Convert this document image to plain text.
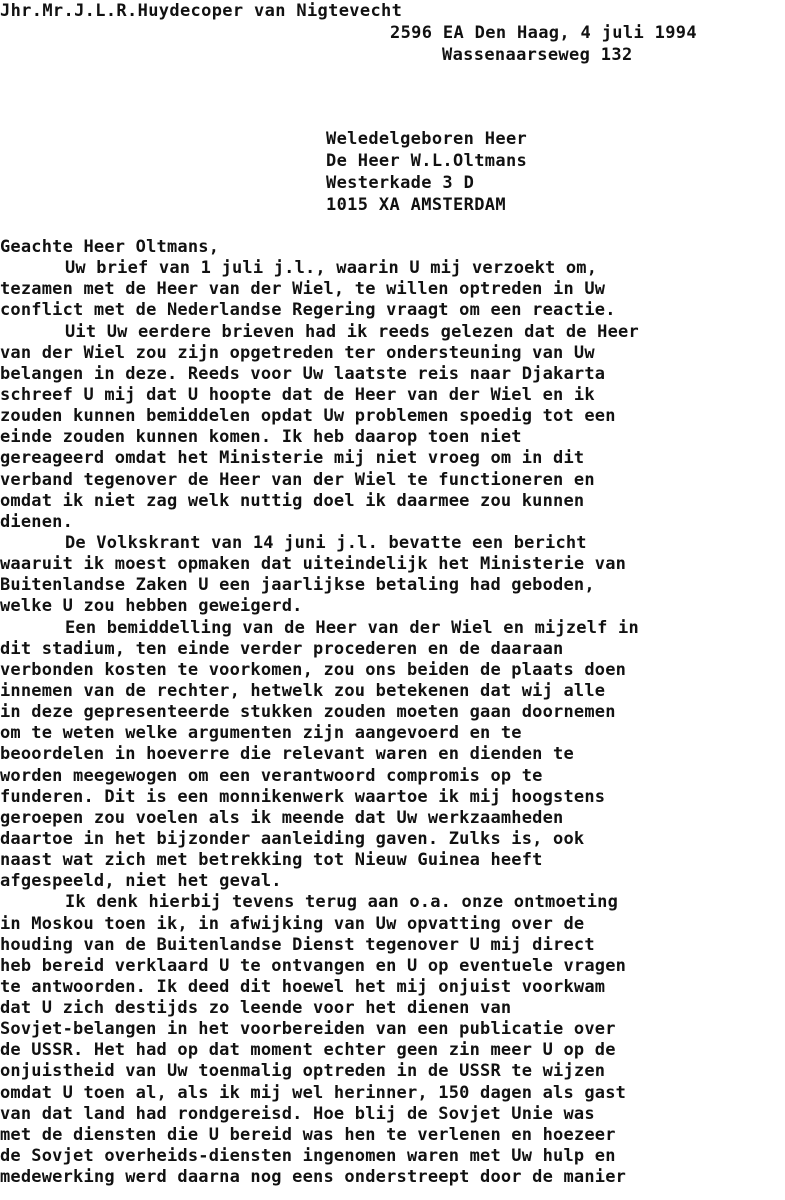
Jhr.Mr.J.L.R.Huydecoper van Nigtevecht
2596 EA Den Haag, 4 juli 1994
Wassenaarseweg 132
Weledelgeboren Heer
De Heer W.L.Oltmans
Westerkade 3 D
1015 XA AMSTERDAM
Geachte Heer Oltmans,
Uw brief van 1 juli j.l., waarin U mij verzoekt om,
tezamen met de Heer van der Wiel, te willen optreden in Uw
conflict met de Nederlandse Regering vraagt om een reactie.
Uit Uw eerdere brieven had ik reeds gelezen dat de Heer
van der Wiel zou zijn opgetreden ter ondersteuning van Uw
belangen in deze. Reeds voor Uw laatste reis naar Djakarta
schreef U mij dat U hoopte dat de Heer van der Wiel en ik
zouden kunnen bemiddelen opdat Uw problemen spoedig tot een
einde zouden kunnen komen. Ik heb daarop toen niet
gereageerd omdat het Ministerie mij niet vroeg om in dit
verband tegenover de Heer van der Wiel te functioneren en
omdat ik niet zag welk nuttig doel ik daarmee zou kunnen
dienen.
De Volkskrant van 14 juni j.l. bevatte een bericht
waaruit ik moest opmaken dat uiteindelijk het Ministerie van
Buitenlandse Zaken U een jaarlijkse betaling had geboden,
welke U zou hebben geweigerd.
Een bemiddelling van de Heer van der Wiel en mijzelf in
dit stadium, ten einde verder procederen en de daaraan
verbonden kosten te voorkomen, zou ons beiden de plaats doen
innemen van de rechter, hetwelk zou betekenen dat wij alle
in deze gepresenteerde stukken zouden moeten gaan doornemen
om te weten welke argumenten zijn aangevoerd en te
beoordelen in hoeverre die relevant waren en dienden te
worden meegewogen om een verantwoord compromis op te
funderen. Dit is een monnikenwerk waartoe ik mij hoogstens
geroepen zou voelen als ik meende dat Uw werkzaamheden
daartoe in het bijzonder aanleiding gaven. Zulks is, ook
naast wat zich met betrekking tot Nieuw Guinea heeft
afgespeeld, niet het geval.
Ik denk hierbij tevens terug aan o.a. onze ontmoeting
in Moskou toen ik, in afwijking van Uw opvatting over de
houding van de Buitenlandse Dienst tegenover U mij direct
heb bereid verklaard U te ontvangen en U op eventuele vragen
te antwoorden. Ik deed dit hoewel het mij onjuist voorkwam
dat U zich destijds zo leende voor het dienen van
Sovjet-belangen in het voorbereiden van een publicatie over
de USSR. Het had op dat moment echter geen zin meer U op de
onjuistheid van Uw toenmalig optreden in de USSR te wijzen
omdat U toen al, als ik mij wel herinner, 150 dagen als gast
van dat land had rondgereisd. Hoe blij de Sovjet Unie was
met de diensten die U bereid was hen te verlenen en hoezeer
de Sovjet overheids-diensten ingenomen waren met Uw hulp en
medewerking werd daarna nog eens onderstreept door de manier
